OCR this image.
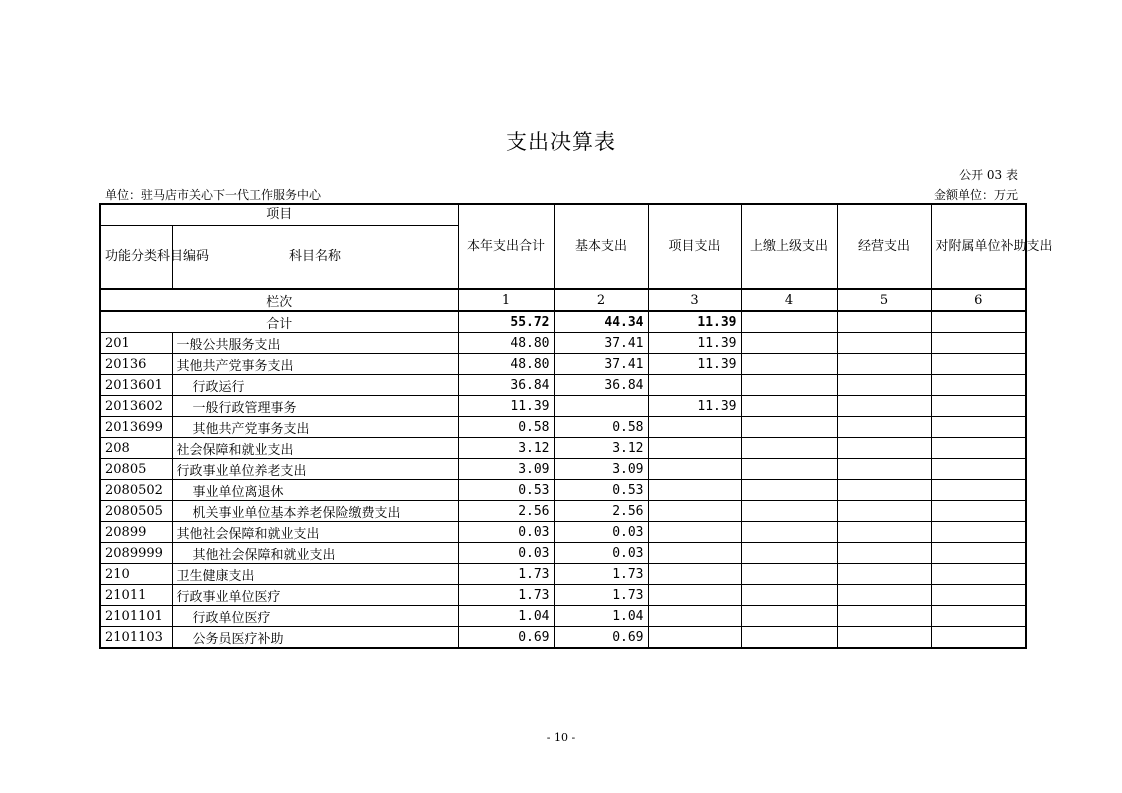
支出决算表
公开 03 表
单位：驻马店市关心下一代工作服务中心	金额单位：万元
项目		本年支出合计	基本支出	项目支出	上缴上级支出	经营支出	对附属单位补助支出
功能分类科目编码	科目名称						
栏次		1	2	3	4	5	6
合计		55.72	44.34	11.39			
201	一般公共服务支出	48.80	37.41	11.39			
20136	其他共产党事务支出	48.80	37.41	11.39			
2013601	行政运行	36.84	36.84				
2013602	一般行政管理事务	11.39		11.39			
2013699	其他共产党事务支出	0.58	0.58				
208	社会保障和就业支出	3.12	3.12				
20805	行政事业单位养老支出	3.09	3.09				
2080502	事业单位离退休	0.53	0.53				
2080505	机关事业单位基本养老保险缴费支出	2.56	2.56				
20899	其他社会保障和就业支出	0.03	0.03				
2089999	其他社会保障和就业支出	0.03	0.03				
210	卫生健康支出	1.73	1.73				
21011	行政事业单位医疗	1.73	1.73				
2101101	行政单位医疗	1.04	1.04				
2101103	公务员医疗补助	0.69	0.69				
- 10 -
